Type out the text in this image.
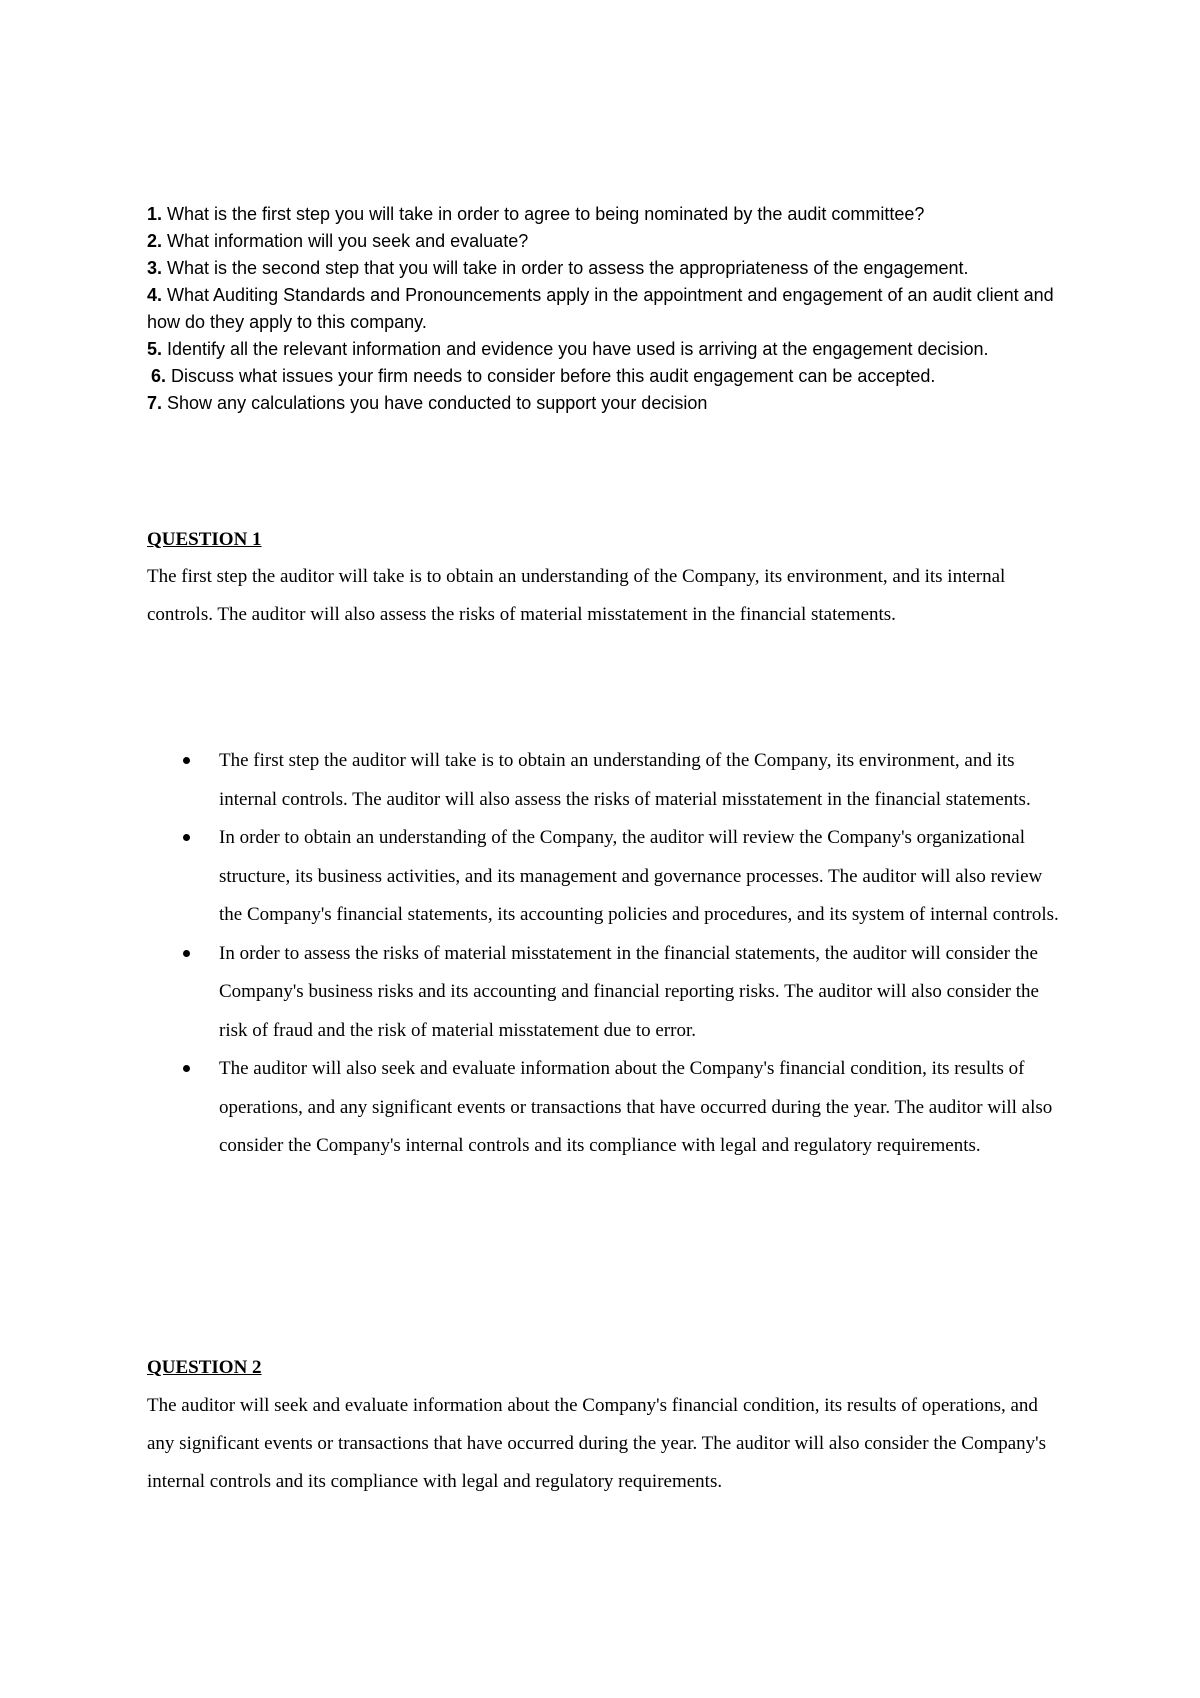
1. What is the first step you will take in order to agree to being nominated by the audit committee?

2. What information will you seek and evaluate?

3. What is the second step that you will take in order to assess the appropriateness of the engagement.

4. What Auditing Standards and Pronouncements apply in the appointment and engagement of an audit client and how do they apply to this company.

5. Identify all the relevant information and evidence you have used is arriving at the engagement decision.

6. Discuss what issues your firm needs to consider before this audit engagement can be accepted.

7. Show any calculations you have conducted to support your decision

QUESTION 1

The first step the auditor will take is to obtain an understanding of the Company, its environment, and its internal controls. The auditor will also assess the risks of material misstatement in the financial statements.

The first step the auditor will take is to obtain an understanding of the Company, its environment, and its internal controls. The auditor will also assess the risks of material misstatement in the financial statements.
In order to obtain an understanding of the Company, the auditor will review the Company's organizational structure, its business activities, and its management and governance processes. The auditor will also review the Company's financial statements, its accounting policies and procedures, and its system of internal controls.
In order to assess the risks of material misstatement in the financial statements, the auditor will consider the Company's business risks and its accounting and financial reporting risks. The auditor will also consider the risk of fraud and the risk of material misstatement due to error.
The auditor will also seek and evaluate information about the Company's financial condition, its results of operations, and any significant events or transactions that have occurred during the year. The auditor will also consider the Company's internal controls and its compliance with legal and regulatory requirements.

QUESTION 2

The auditor will seek and evaluate information about the Company's financial condition, its results of operations, and any significant events or transactions that have occurred during the year. The auditor will also consider the Company's internal controls and its compliance with legal and regulatory requirements.
